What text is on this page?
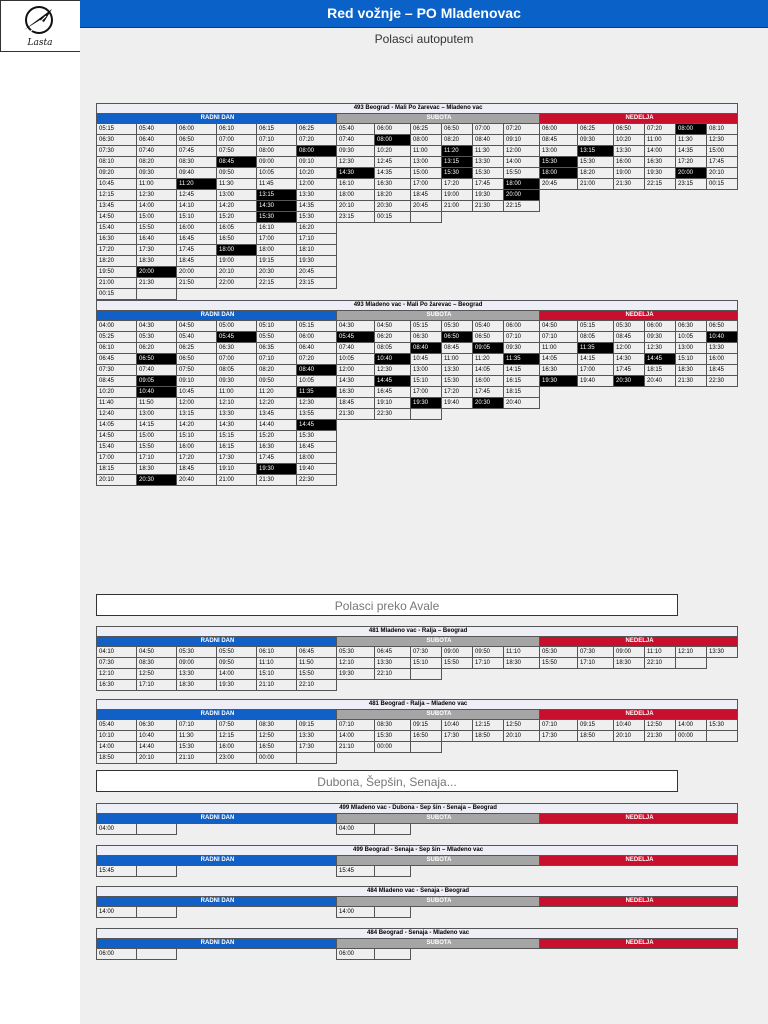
Lasta
Red vožnje – PO Mladenovac
Polasci autoputem
Polasci preko Avale
Dubona, Šepšin, Senaja...
493 Beograd - Mali Po žarevac – Mladeno vac																	
RADNI DAN						SUBOTA						NEDELJA					
05:15	05:40	06:00	06:10	06:15	06:25	05:40	06:00	06:25	06:50	07:00	07:20	06:00	06:25	06:50	07:20	08:00	08:10
06:30	06:40	06:50	07:00	07:10	07:20	07:40	08:00	08:00	08:20	08:40	09:10	08:45	09:30	10:20	11:00	11:30	12:30
07:30	07:40	07:45	07:50	08:00	08:00	09:30	10:20	11:00	11:20	11:30	12:00	13:00	13:15	13:30	14:00	14:35	15:00
08:10	08:20	08:30	08:45	09:00	09:10	12:30	12:45	13:00	13:15	13:30	14:00	15:30	15:30	16:00	16:30	17:20	17:45
09:20	09:30	09:40	09:50	10:05	10:20	14:30	14:35	15:00	15:30	15:30	15:50	18:00	18:20	19:00	19:30	20:00	20:10
10:45	11:00	11:20	11:30	11:45	12:00	16:10	16:30	17:00	17:20	17:45	18:00	20:45	21:00	21:30	22:15	23:15	00:15
12:15	12:30	12:45	13:00	13:15	13:30	18:00	18:20	18:45	19:00	19:30	20:00						
13:45	14:00	14:10	14:20	14:30	14:35	20:10	20:30	20:45	21:00	21:30	22:15						
14:50	15:00	15:10	15:20	15:30	15:30	23:15	00:15										
15:40	15:50	16:00	16:05	16:10	16:20												
16:30	16:40	16:45	16:50	17:00	17:10												
17:20	17:30	17:45	18:00	18:00	18:10												
18:20	18:30	18:45	19:00	19:15	19:30												
19:50	20:00	20:00	20:10	20:30	20:45												
21:00	21:30	21:50	22:00	22:15	23:15												
00:15																	
493 Mladeno vac - Mali Po žarevac – Beograd																	
RADNI DAN						SUBOTA						NEDELJA					
04:00	04:30	04:50	05:00	05:10	05:15	04:30	04:50	05:15	05:30	05:40	06:00	04:50	05:15	05:30	06:00	06:30	06:50
05:25	05:30	05:40	05:45	05:50	06:00	05:45	06:20	06:30	06:50	06:50	07:10	07:10	08:05	08:45	09:30	10:05	10:40
06:10	06:20	06:25	06:30	06:35	06:40	07:40	08:05	08:40	08:45	09:05	09:30	11:00	11:35	12:00	12:30	13:00	13:30
06:45	06:50	06:50	07:00	07:10	07:20	10:05	10:40	10:45	11:00	11:20	11:35	14:05	14:15	14:30	14:45	15:10	16:00
07:30	07:40	07:50	08:05	08:20	08:40	12:00	12:30	13:00	13:30	14:05	14:15	16:30	17:00	17:45	18:15	18:30	18:45
08:45	09:05	09:10	09:30	09:50	10:05	14:30	14:45	15:10	15:30	16:00	16:15	19:30	19:40	20:30	20:40	21:30	22:30
10:20	10:40	10:45	11:00	11:20	11:35	16:30	16:45	17:00	17:20	17:45	18:15						
11:40	11:50	12:00	12:10	12:20	12:30	18:45	19:10	19:30	19:40	20:30	20:40						
12:40	13:00	13:15	13:30	13:45	13:55	21:30	22:30										
14:05	14:15	14:20	14:30	14:40	14:45												
14:50	15:00	15:10	15:15	15:20	15:30												
15:40	15:50	16:00	16:15	16:30	16:45												
17:00	17:10	17:20	17:30	17:45	18:00												
18:15	18:30	18:45	19:10	19:30	19:40												
20:10	20:30	20:40	21:00	21:30	22:30												
481 Mladeno vac - Ralja – Beograd																	
RADNI DAN						SUBOTA						NEDELJA					
04:10	04:50	05:30	05:50	06:10	06:45	05:30	06:45	07:30	09:00	09:50	11:10	05:30	07:30	09:00	11:10	12:10	13:30
07:30	08:30	09:00	09:50	11:10	11:50	12:10	13:30	15:10	15:50	17:10	18:30	15:50	17:10	18:30	22:10		
12:10	12:50	13:30	14:00	15:10	15:50	19:30	22:10										
16:30	17:10	18:30	19:30	21:10	22:10												
481 Beograd - Ralja – Mladeno vac																	
RADNI DAN						SUBOTA						NEDELJA					
05:40	06:30	07:10	07:50	08:30	09:15	07:10	08:30	09:15	10:40	12:15	12:50	07:10	09:15	10:40	12:50	14:00	15:30
10:10	10:40	11:30	12:15	12:50	13:30	14:00	15:30	16:50	17:30	18:50	20:10	17:30	18:50	20:10	21:30	00:00	
14:00	14:40	15:30	16:00	16:50	17:30	21:10	00:00										
18:50	20:10	21:10	23:00	00:00													
499 Mladeno vac - Dubona - Šep šin - Senaja – Beograd																	
RADNI DAN						SUBOTA						NEDELJA					
04:00						04:00											
499 Beograd - Senaja - Šep šin – Mladeno vac																	
RADNI DAN						SUBOTA						NEDELJA					
15:45						15:45											
484 Mladeno vac - Senaja - Beograd																	
RADNI DAN						SUBOTA						NEDELJA					
14:00						14:00											
484 Beograd - Senaja - Mladeno vac																	
RADNI DAN						SUBOTA						NEDELJA					
06:00						06:00											
